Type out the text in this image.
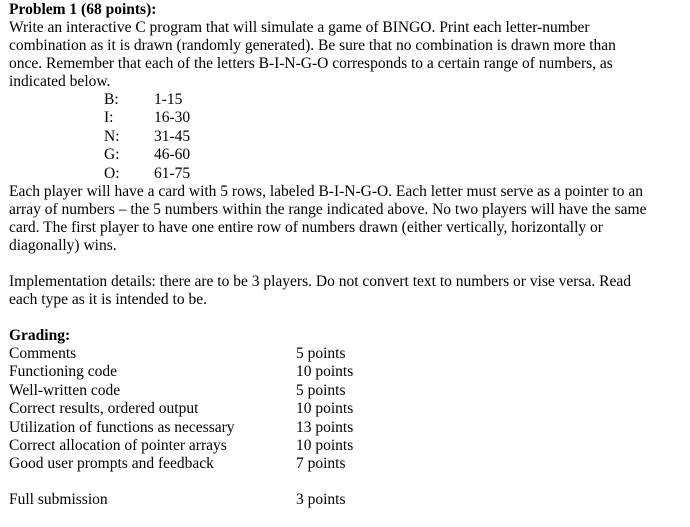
Problem 1 (68 points):
Write an interactive C program that will simulate a game of BINGO. Print each letter-number
combination as it is drawn (randomly generated). Be sure that no combination is drawn more than
once. Remember that each of the letters B-I-N-G-O corresponds to a certain range of numbers, as
indicated below.
B:	1-15
I:	16-30
N:	31-45
G:	46-60
O:	61-75
Each player will have a card with 5 rows, labeled B-I-N-G-O. Each letter must serve as a pointer to an
array of numbers – the 5 numbers within the range indicated above. No two players will have the same
card. The first player to have one entire row of numbers drawn (either vertically, horizontally or
diagonally) wins.
Implementation details: there are to be 3 players. Do not convert text to numbers or vise versa. Read
each type as it is intended to be.
Grading:
Comments	5 points
Functioning code	10 points
Well-written code	5 points
Correct results, ordered output	10 points
Utilization of functions as necessary	13 points
Correct allocation of pointer arrays	10 points
Good user prompts and feedback	7 points
Full submission	3 points
